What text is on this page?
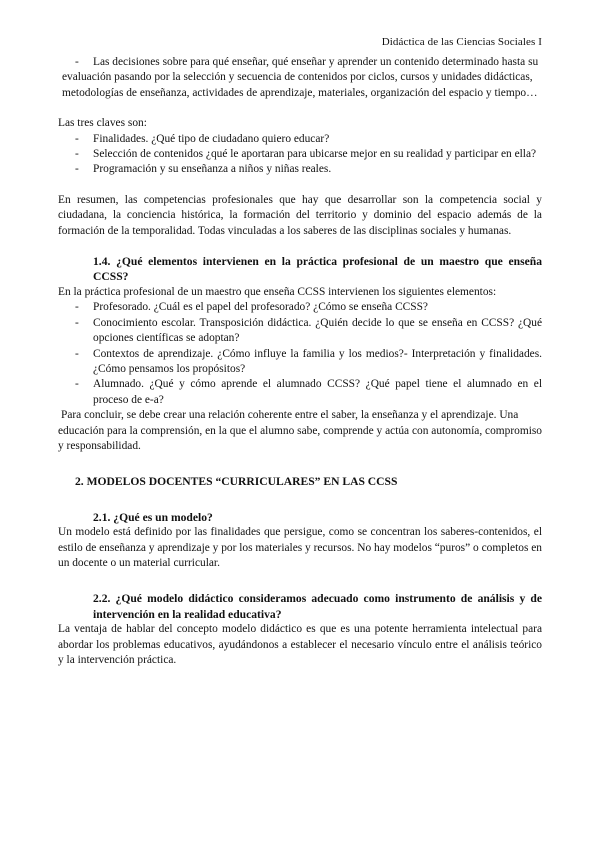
Didáctica de las Ciencias Sociales I
- Las decisiones sobre para qué enseñar, qué enseñar y aprender un contenido determinado hasta su

evaluación pasando por la selección y secuencia de contenidos por ciclos, cursos y unidades didácticas,

metodologías de enseñanza, actividades de aprendizaje, materiales, organización del espacio y tiempo…

Las tres claves son:

- Finalidades. ¿Qué tipo de ciudadano quiero educar?
- Selección de contenidos ¿qué le aportaran para ubicarse mejor en su realidad y participar en ella?
- Programación y su enseñanza a niños y niñas reales.

En resumen, las competencias profesionales que hay que desarrollar son la competencia social y ciudadana, la conciencia histórica, la formación del territorio y dominio del espacio además de la formación de la temporalidad. Todas vinculadas a los saberes de las disciplinas sociales y humanas.

1.4. ¿Qué elementos intervienen en la práctica profesional de un maestro que enseña CCSS?

En la práctica profesional de un maestro que enseña CCSS intervienen los siguientes elementos:

- Profesorado. ¿Cuál es el papel del profesorado? ¿Cómo se enseña CCSS?
- Conocimiento escolar. Transposición didáctica. ¿Quién decide lo que se enseña en CCSS? ¿Qué opciones científicas se adoptan?
- Contextos de aprendizaje. ¿Cómo influye la familia y los medios?- Interpretación y finalidades. ¿Cómo pensamos los propósitos?
- Alumnado. ¿Qué y cómo aprende el alumnado CCSS? ¿Qué papel tiene el alumnado en el proceso de e-a?

Para concluir, se debe crear una relación coherente entre el saber, la enseñanza y el aprendizaje. Una

educación para la comprensión, en la que el alumno sabe, comprende y actúa con autonomía, compromiso y responsabilidad.

2. MODELOS DOCENTES “CURRICULARES” EN LAS CCSS

2.1. ¿Qué es un modelo?

Un modelo está definido por las finalidades que persigue, como se concentran los saberes-contenidos, el estilo de enseñanza y aprendizaje y por los materiales y recursos. No hay modelos “puros” o completos en un docente o un material curricular.

2.2. ¿Qué modelo didáctico consideramos adecuado como instrumento de análisis y de intervención en la realidad educativa?

La ventaja de hablar del concepto modelo didáctico es que es una potente herramienta intelectual para abordar los problemas educativos, ayudándonos a establecer el necesario vínculo entre el análisis teórico y la intervención práctica.
